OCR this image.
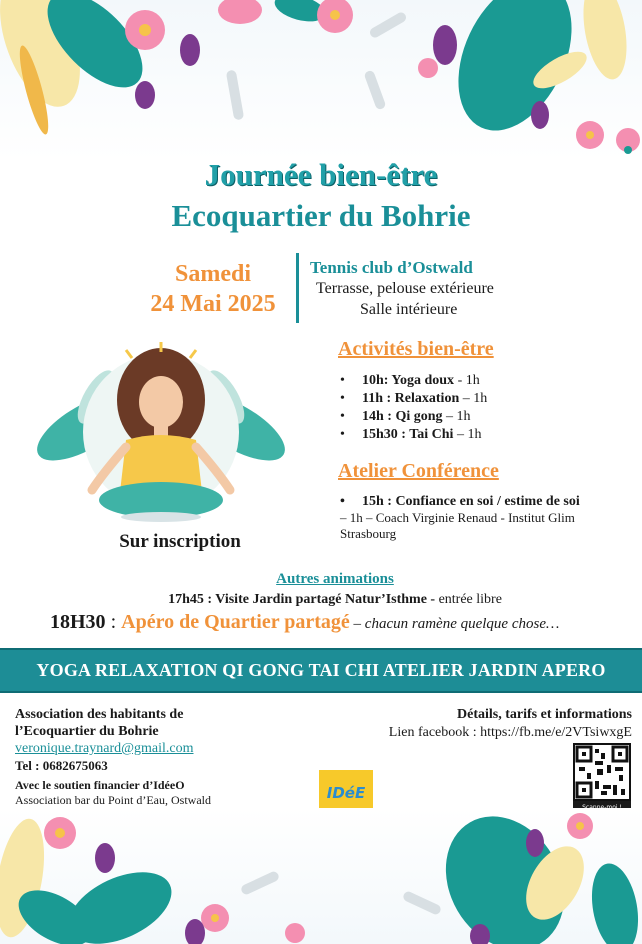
Journée bien-être
Ecoquartier du Bohrie
Samedi
24 Mai 2025
Tennis club d’Ostwald
Terrasse, pelouse extérieure
Salle intérieure
Sur inscription
Activités bien-être
• 10h: Yoga doux - 1h
• 11h : Relaxation – 1h
• 14h : Qi gong – 1h
• 15h30 : Tai Chi – 1h
Atelier Conférence
• 15h : Confiance en soi / estime de soi
– 1h – Coach Virginie Renaud - Institut Glim Strasbourg
Autres animations
17h45 : Visite Jardin partagé Natur’Isthme - entrée libre
18H30 : Apéro de Quartier partagé – chacun ramène quelque chose…
YOGA RELAXATION QI GONG TAI CHI ATELIER JARDIN APERO
Association des habitants de
l’Ecoquartier du Bohrie
veronique.traynard@gmail.com
Tel : 0682675063
Avec le soutien financier d’IdéeO
Association bar du Point d’Eau, Ostwald
Détails, tarifs et informations
Lien facebook : https://fb.me/e/2VTsiwxgE
IDéE
